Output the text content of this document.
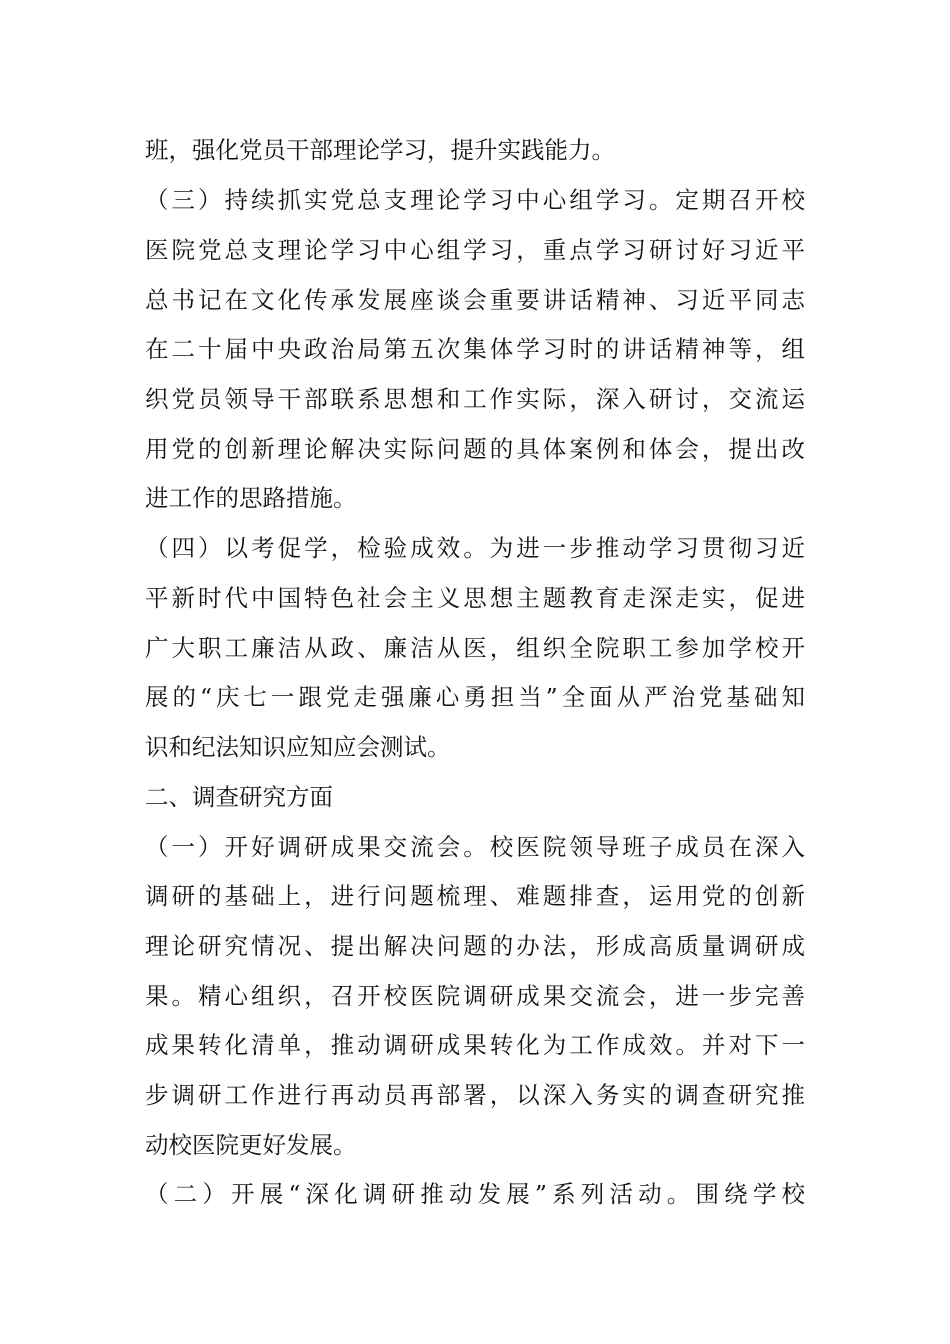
班，强化党员干部理论学习，提升实践能力。
（三）持续抓实党总支理论学习中心组学习。定期召开校
医院党总支理论学习中心组学习，重点学习研讨好习近平
总书记在文化传承发展座谈会重要讲话精神、习近平同志
在二十届中央政治局第五次集体学习时的讲话精神等，组
织党员领导干部联系思想和工作实际，深入研讨，交流运
用党的创新理论解决实际问题的具体案例和体会，提出改
进工作的思路措施。
（四）以考促学，检验成效。为进一步推动学习贯彻习近
平新时代中国特色社会主义思想主题教育走深走实，促进
广大职工廉洁从政、廉洁从医，组织全院职工参加学校开
展的“庆七一跟党走强廉心勇担当”全面从严治党基础知
识和纪法知识应知应会测试。
二、调查研究方面
（一）开好调研成果交流会。校医院领导班子成员在深入
调研的基础上，进行问题梳理、难题排查，运用党的创新
理论研究情况、提出解决问题的办法，形成高质量调研成
果。精心组织，召开校医院调研成果交流会，进一步完善
成果转化清单，推动调研成果转化为工作成效。并对下一
步调研工作进行再动员再部署，以深入务实的调查研究推
动校医院更好发展。
（二）开展“深化调研推动发展”系列活动。围绕学校
